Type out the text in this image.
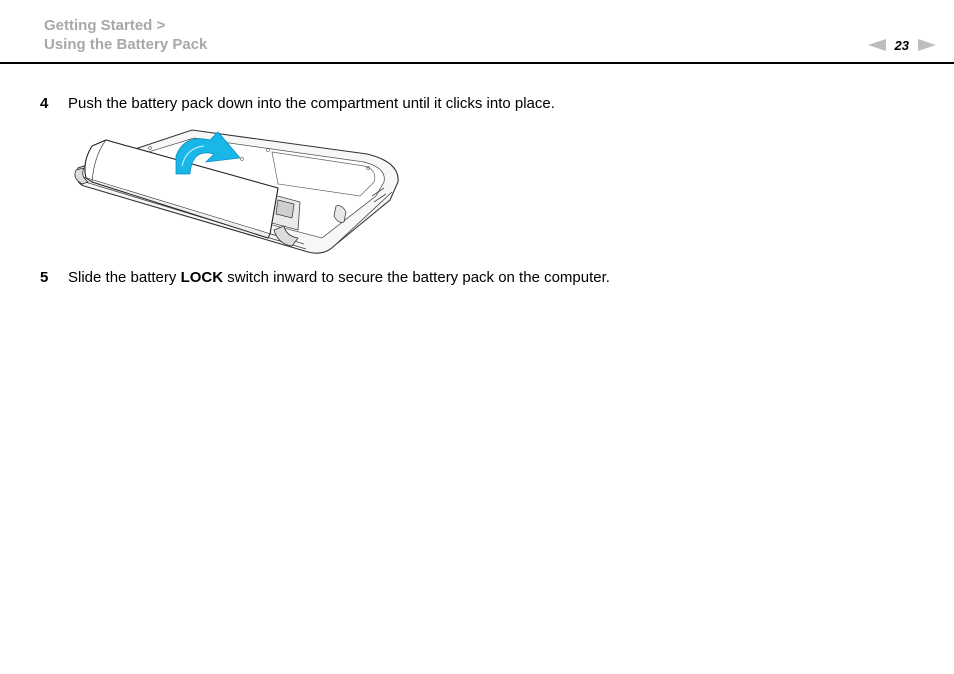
Getting Started >
Using the Battery Pack	23
4	Push the battery pack down into the compartment until it clicks into place.
5	Slide the battery LOCK switch inward to secure the battery pack on the computer.
